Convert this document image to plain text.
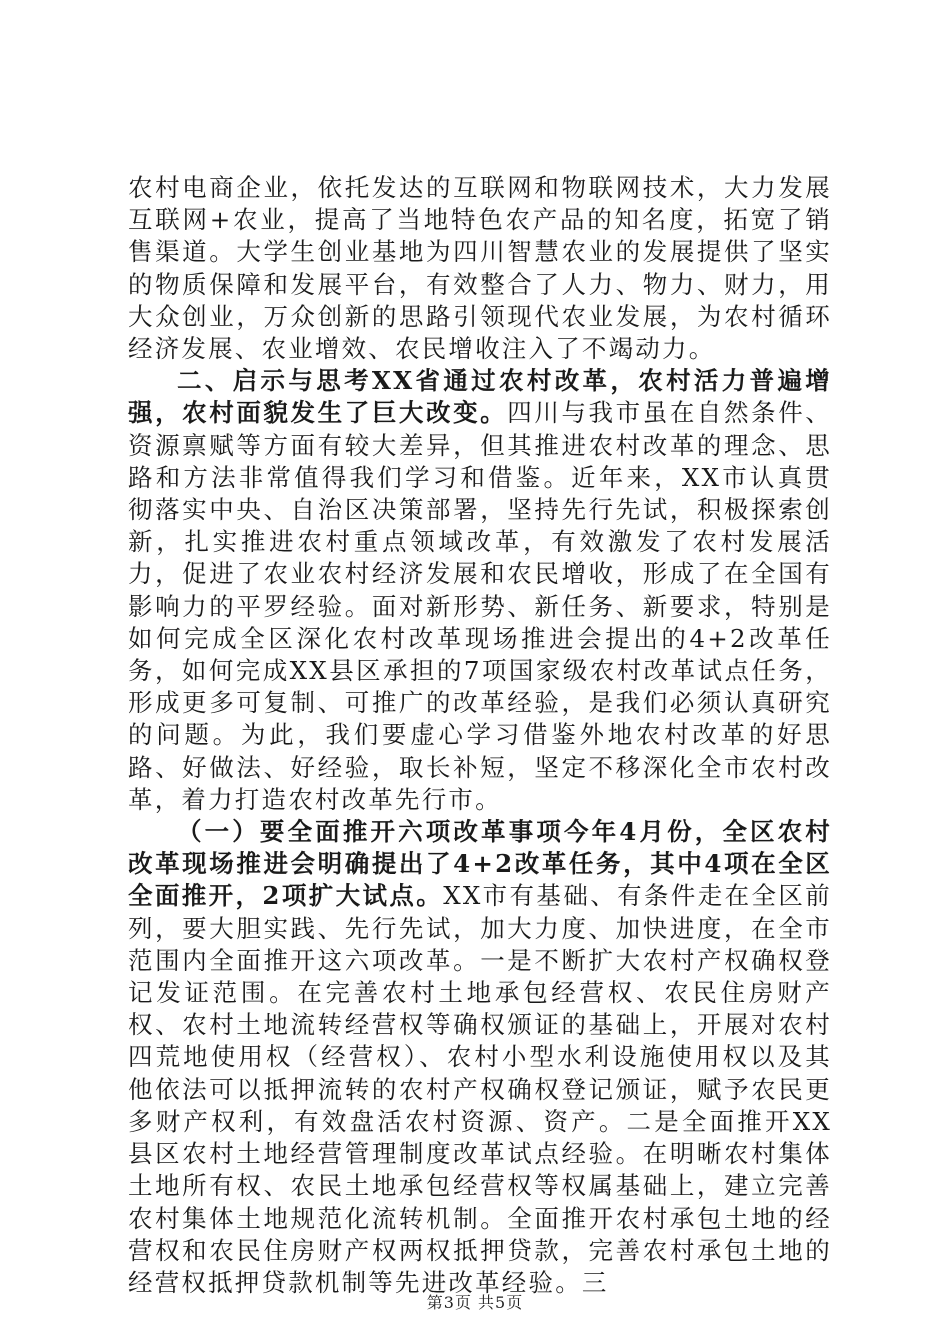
农村电商企业，依托发达的互联网和物联网技术，大力发展互联网+农业，提高了当地特色农产品的知名度，拓宽了销售渠道。大学生创业基地为四川智慧农业的发展提供了坚实的物质保障和发展平台，有效整合了人力、物力、财力，用大众创业，万众创新的思路引领现代农业发展，为农村循环经济发展、农业增效、农民增收注入了不竭动力。

二、启示与思考XX省通过农村改革，农村活力普遍增强，农村面貌发生了巨大改变。四川与我市虽在自然条件、资源禀赋等方面有较大差异，但其推进农村改革的理念、思路和方法非常值得我们学习和借鉴。近年来，XX市认真贯彻落实中央、自治区决策部署，坚持先行先试，积极探索创新，扎实推进农村重点领域改革，有效激发了农村发展活力，促进了农业农村经济发展和农民增收，形成了在全国有影响力的平罗经验。面对新形势、新任务、新要求，特别是如何完成全区深化农村改革现场推进会提出的4+2改革任务，如何完成XX县区承担的7项国家级农村改革试点任务，形成更多可复制、可推广的改革经验，是我们必须认真研究的问题。为此，我们要虚心学习借鉴外地农村改革的好思路、好做法、好经验，取长补短，坚定不移深化全市农村改革，着力打造农村改革先行市。

（一）要全面推开六项改革事项今年4月份，全区农村改革现场推进会明确提出了4+2改革任务，其中4项在全区全面推开，2项扩大试点。XX市有基础、有条件走在全区前列，要大胆实践、先行先试，加大力度、加快进度，在全市范围内全面推开这六项改革。一是不断扩大农村产权确权登记发证范围。在完善农村土地承包经营权、农民住房财产权、农村土地流转经营权等确权颁证的基础上，开展对农村四荒地使用权（经营权）、农村小型水利设施使用权以及其他依法可以抵押流转的农村产权确权登记颁证，赋予农民更多财产权利，有效盘活农村资源、资产。二是全面推开XX县区农村土地经营管理制度改革试点经验。在明晰农村集体土地所有权、农民土地承包经营权等权属基础上，建立完善农村集体土地规范化流转机制。全面推开农村承包土地的经营权和农民住房财产权两权抵押贷款，完善农村承包土地的经营权抵押贷款机制等先进改革经验。三

第3页 共5页
